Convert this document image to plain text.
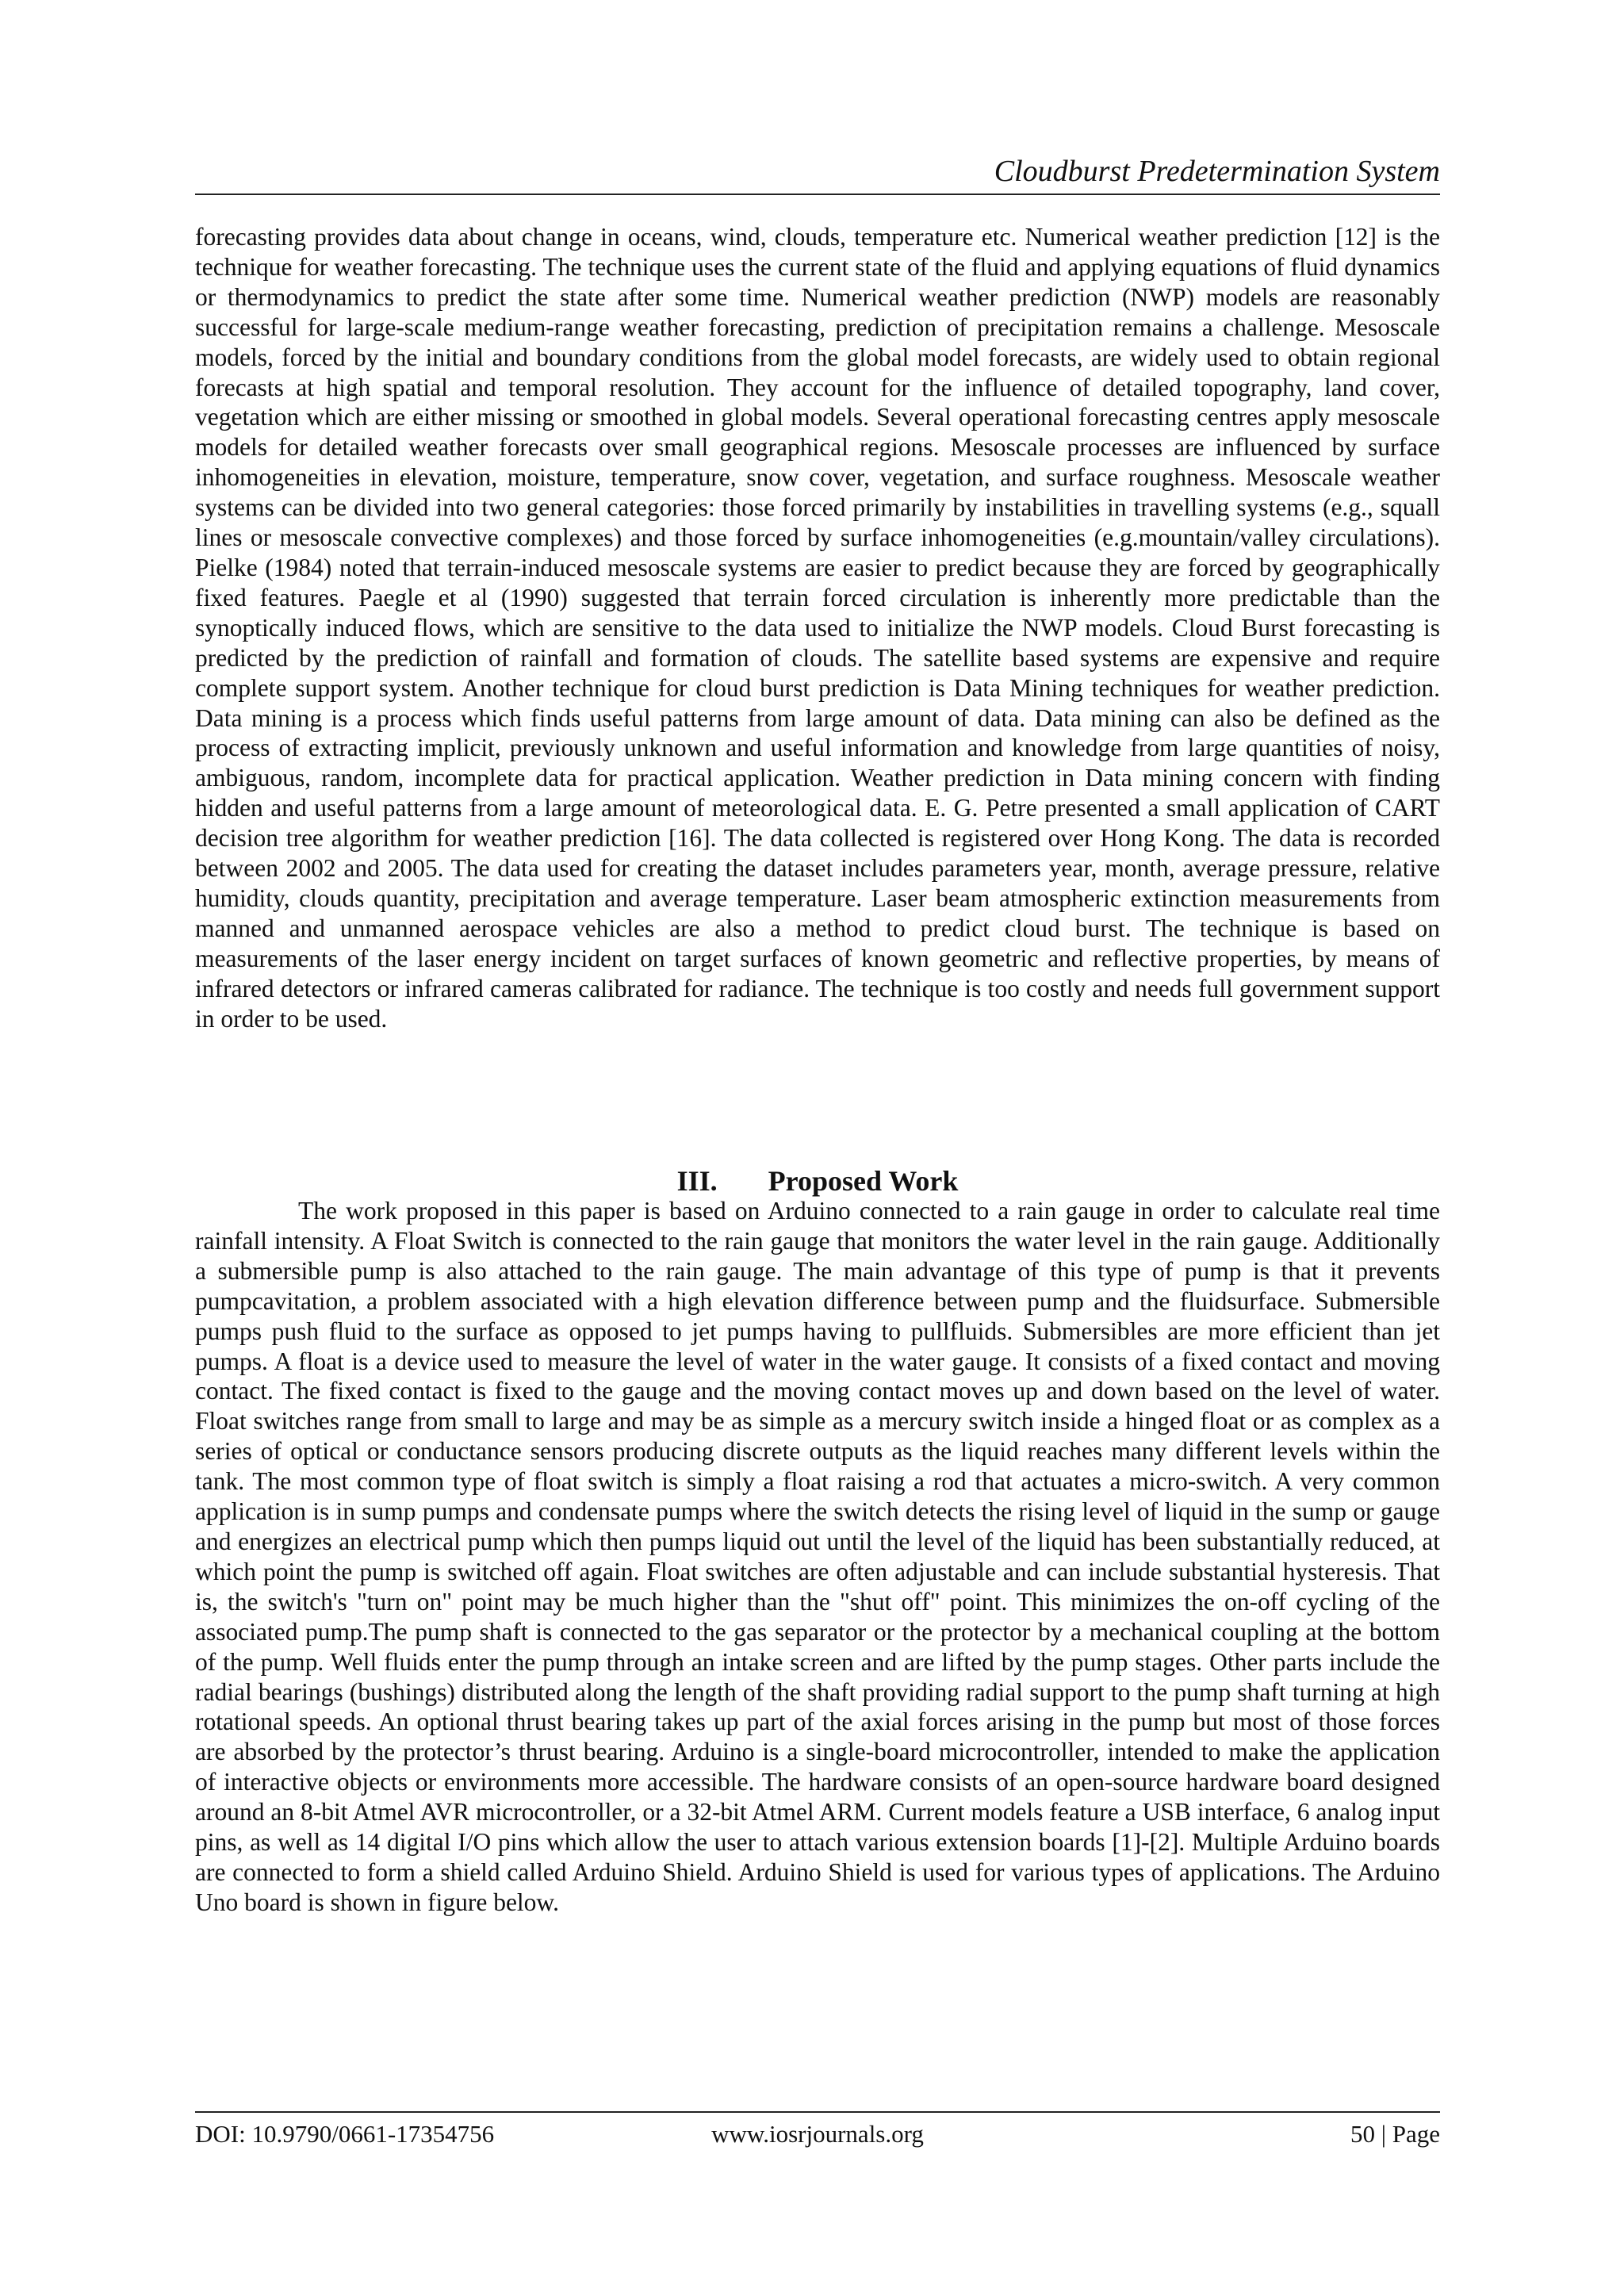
Cloudburst Predetermination System

forecasting provides data about change in oceans, wind, clouds, temperature etc. Numerical weather prediction [12] is the technique for weather forecasting. The technique uses the current state of the fluid and applying equations of fluid dynamics or thermodynamics to predict the state after some time. Numerical weather prediction (NWP) models are reasonably successful for large-scale medium-range weather forecasting, prediction of precipitation remains a challenge. Mesoscale models, forced by the initial and boundary conditions from the global model forecasts, are widely used to obtain regional forecasts at high spatial and temporal resolution. They account for the influence of detailed topography, land cover, vegetation which are either missing or smoothed in global models. Several operational forecasting centres apply mesoscale models for detailed weather forecasts over small geographical regions. Mesoscale processes are influenced by surface inhomogeneities in elevation, moisture, temperature, snow cover, vegetation, and surface roughness. Mesoscale weather systems can be divided into two general categories: those forced primarily by instabilities in travelling systems (e.g., squall lines or mesoscale convective complexes) and those forced by surface inhomogeneities (e.g.mountain/valley circulations). Pielke (1984) noted that terrain-induced mesoscale systems are easier to predict because they are forced by geographically fixed features. Paegle et al (1990) suggested that terrain forced circulation is inherently more predictable than the synoptically induced flows, which are sensitive to the data used to initialize the NWP models. Cloud Burst forecasting is predicted by the prediction of rainfall and formation of clouds. The satellite based systems are expensive and require complete support system. Another technique for cloud burst prediction is Data Mining techniques for weather prediction. Data mining is a process which finds useful patterns from large amount of data. Data mining can also be defined as the process of extracting implicit, previously unknown and useful information and knowledge from large quantities of noisy, ambiguous, random, incomplete data for practical application. Weather prediction in Data mining concern with finding hidden and useful patterns from a large amount of meteorological data. E. G. Petre presented a small application of CART decision tree algorithm for weather prediction [16]. The data collected is registered over Hong Kong. The data is recorded between 2002 and 2005. The data used for creating the dataset includes parameters year, month, average pressure, relative humidity, clouds quantity, precipitation and average temperature. Laser beam atmospheric extinction measurements from manned and unmanned aerospace vehicles are also a method to predict cloud burst. The technique is based on measurements of the laser energy incident on target surfaces of known geometric and reflective properties, by means of infrared detectors or infrared cameras calibrated for radiance. The technique is too costly and needs full government support in order to be used.

III. Proposed Work

The work proposed in this paper is based on Arduino connected to a rain gauge in order to calculate real time rainfall intensity. A Float Switch is connected to the rain gauge that monitors the water level in the rain gauge. Additionally a submersible pump is also attached to the rain gauge. The main advantage of this type of pump is that it prevents pumpcavitation, a problem associated with a high elevation difference between pump and the fluidsurface. Submersible pumps push fluid to the surface as opposed to jet pumps having to pullfluids. Submersibles are more efficient than jet pumps. A float is a device used to measure the level of water in the water gauge. It consists of a fixed contact and moving contact. The fixed contact is fixed to the gauge and the moving contact moves up and down based on the level of water. Float switches range from small to large and may be as simple as a mercury switch inside a hinged float or as complex as a series of optical or conductance sensors producing discrete outputs as the liquid reaches many different levels within the tank. The most common type of float switch is simply a float raising a rod that actuates a micro-switch. A very common application is in sump pumps and condensate pumps where the switch detects the rising level of liquid in the sump or gauge and energizes an electrical pump which then pumps liquid out until the level of the liquid has been substantially reduced, at which point the pump is switched off again. Float switches are often adjustable and can include substantial hysteresis. That is, the switch's "turn on" point may be much higher than the "shut off" point. This minimizes the on-off cycling of the associated pump.The pump shaft is connected to the gas separator or the protector by a mechanical coupling at the bottom of the pump. Well fluids enter the pump through an intake screen and are lifted by the pump stages. Other parts include the radial bearings (bushings) distributed along the length of the shaft providing radial support to the pump shaft turning at high rotational speeds. An optional thrust bearing takes up part of the axial forces arising in the pump but most of those forces are absorbed by the protector’s thrust bearing. Arduino is a single-board microcontroller, intended to make the application of interactive objects or environments more accessible. The hardware consists of an open-source hardware board designed around an 8-bit Atmel AVR microcontroller, or a 32-bit Atmel ARM. Current models feature a USB interface, 6 analog input pins, as well as 14 digital I/O pins which allow the user to attach various extension boards [1]-[2]. Multiple Arduino boards are connected to form a shield called Arduino Shield. Arduino Shield is used for various types of applications. The Arduino Uno board is shown in figure below.

DOI: 10.9790/0661-17354756	www.iosrjournals.org	50 | Page
